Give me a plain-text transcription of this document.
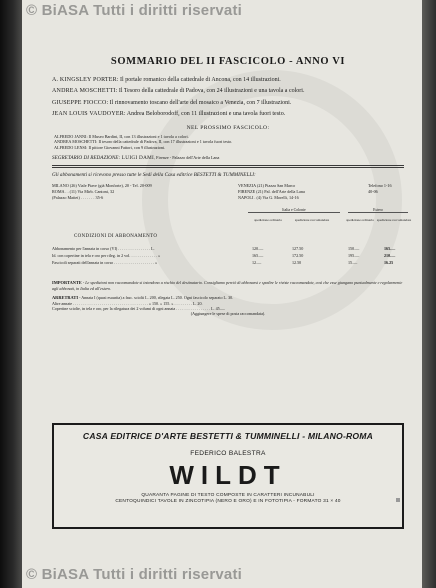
© BiASA Tutti i diritti riservati
SOMMARIO DEL II FASCICOLO - ANNO VI

A. KINGSLEY PORTER: Il portale romanico della cattedrale di Ancona, con 14 illustrazioni.

ANDREA MOSCHETTI: Il Tesoro della cattedrale di Padova, con 24 illustrazioni e una tavola a colori.

GIUSEPPE FIOCCO: Il rinnovamento toscano dell'arte del mosaico a Venezia, con 7 illustrazioni.

JEAN LOUIS VAUDOYER: Andrea Beloborodoff, con 11 illustrazioni e una tavola fuori testo.

NEL PROSSIMO FASCICOLO:

ALFREDO JANNI: Il Museo Bardini, II, con 13 illustrazioni e 1 tavola a colori.

ANDREA MOSCHETTI: Il tesoro della cattedrale di Padova, II, con 17 illustrazioni e 1 tavola fuori testo.

ALFREDO LENSI: Il pittore Giovanni Fattori, con 9 illustrazioni.

SEGRETARIO DI REDAZIONE: LUIGI DAMI, Firenze - Palazzo dell'Arte della Lana
Gli abbonamenti si ricevono presso tutte le Sedi della Casa editrice BESTETTI & TUMMINELLI:
MILANO (26) Viale Piave (già Monforte), 20 - Tel. 20-009
ROMA . . (11) Via Mirb. Cantoni, 32
(Palazzo Mattei) . . . . . . . 35-6
VENEZIA (21) Piazza San Marco
FIRENZE (21) Pal. dell'Arte della Lana
NAPOLI . (4) Via G. Morelli, 14-16
Telefono 1-16
40-06
Italia e Colonie	Estero
spedizione ordinaria	spedizione raccomandata	spedizione ordinaria spedizione raccomandata
CONDIZIONI DI ABBONAMENTO
Abbonamento per l'annata in corso (VI) . . . . . . . . . . . . . . . . L.	120.—	127.50	150.—	165.—
Id. con copertine in tela e oro per rileg. in 2 vol. . . . . . . . . . . . . . »	165.—	172.50	195.—	210.—
Fascicoli separati dell'annata in corso . . . . . . . . . . . . . . . . . . . . »	12.—	12.50	15.—	16.25
IMPORTANTE - Le spedizioni non raccomandate si intendono a rischio del destinatario. Consigliamo perciò di abbonarsi e spedire le riviste raccomandate, così che esse giungano puntualmente e regolarmente agli abbonati, in Italia ed all'estero.
ARRETRATI - Annata I (quasi esaurita) a fasc. sciolti L. 200, rilegata L. 250. Ogni fascicolo separato L. 30.
Altre annate . . . . . . . . . . . . . . . . . . . . . . . . . . . . . . . . . . . . . » 150. » 155. » . . . . . . . . . L. 20.
Copertine sciolte, in tela e oro, per la rilegatura dei 2 volumi di ogni annata . . . . . . . . . . . . . . . . . L. 45.—
(Aggiungere le spese di posta raccomandata).
CASA EDITRICE D'ARTE BESTETTI & TUMMINELLI - MILANO-ROMA
FEDERICO BALESTRA
WILDT
QUARANTA PAGINE DI TESTO COMPOSTE IN CARATTERI INCUNABULI
CENTOQUINDICI TAVOLE IN ZINCOTIPIA (NERO E ORO) E IN FOTOTIPIA - FORMATO 31 × 40
© BiASA Tutti i diritti riservati
